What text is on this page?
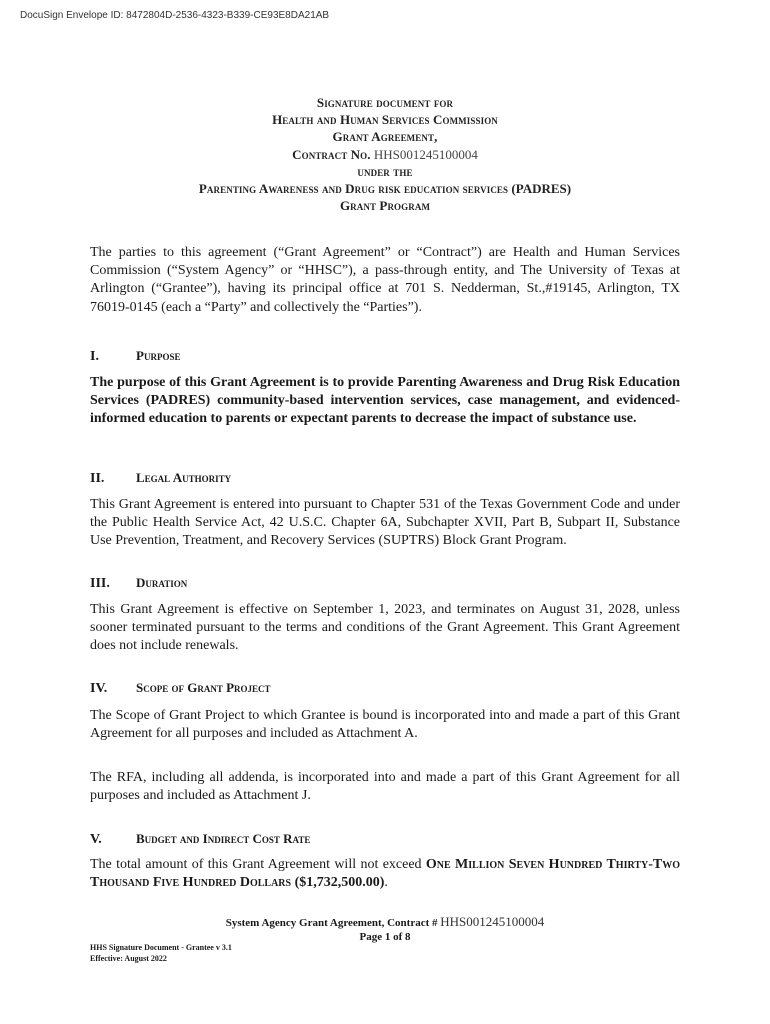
DocuSign Envelope ID: 8472804D-2536-4323-B339-CE93E8DA21AB
Signature document for
Health and Human Services Commission
Grant Agreement,
Contract No. HHS001245100004
under the
Parenting Awareness and Drug risk education services (PADRES)
Grant Program
The parties to this agreement (“Grant Agreement” or “Contract”) are Health and Human Services Commission (“System Agency” or “HHSC”), a pass-through entity, and The University of Texas at Arlington (“Grantee”), having its principal office at 701 S. Nedderman, St.,#19145, Arlington, TX 76019-0145 (each a “Party” and collectively the “Parties”).
I.	Purpose
The purpose of this Grant Agreement is to provide Parenting Awareness and Drug Risk Education Services (PADRES) community-based intervention services, case management, and evidenced-informed education to parents or expectant parents to decrease the impact of substance use.
II. Legal Authority
This Grant Agreement is entered into pursuant to Chapter 531 of the Texas Government Code and under the Public Health Service Act, 42 U.S.C. Chapter 6A, Subchapter XVII, Part B, Subpart II, Substance Use Prevention, Treatment, and Recovery Services (SUPTRS) Block Grant Program.
III. Duration
This Grant Agreement is effective on September 1, 2023, and terminates on August 31, 2028, unless sooner terminated pursuant to the terms and conditions of the Grant Agreement. This Grant Agreement does not include renewals.
IV. Scope of Grant Project
The Scope of Grant Project to which Grantee is bound is incorporated into and made a part of this Grant Agreement for all purposes and included as Attachment A.
The RFA, including all addenda, is incorporated into and made a part of this Grant Agreement for all purposes and included as Attachment J.
V.	Budget and Indirect Cost Rate
The total amount of this Grant Agreement will not exceed One Million Seven Hundred Thirty-Two Thousand Five Hundred Dollars ($1,732,500.00).
System Agency Grant Agreement, Contract # HHS001245100004
Page 1 of 8
HHS Signature Document - Grantee v 3.1
Effective: August 2022
